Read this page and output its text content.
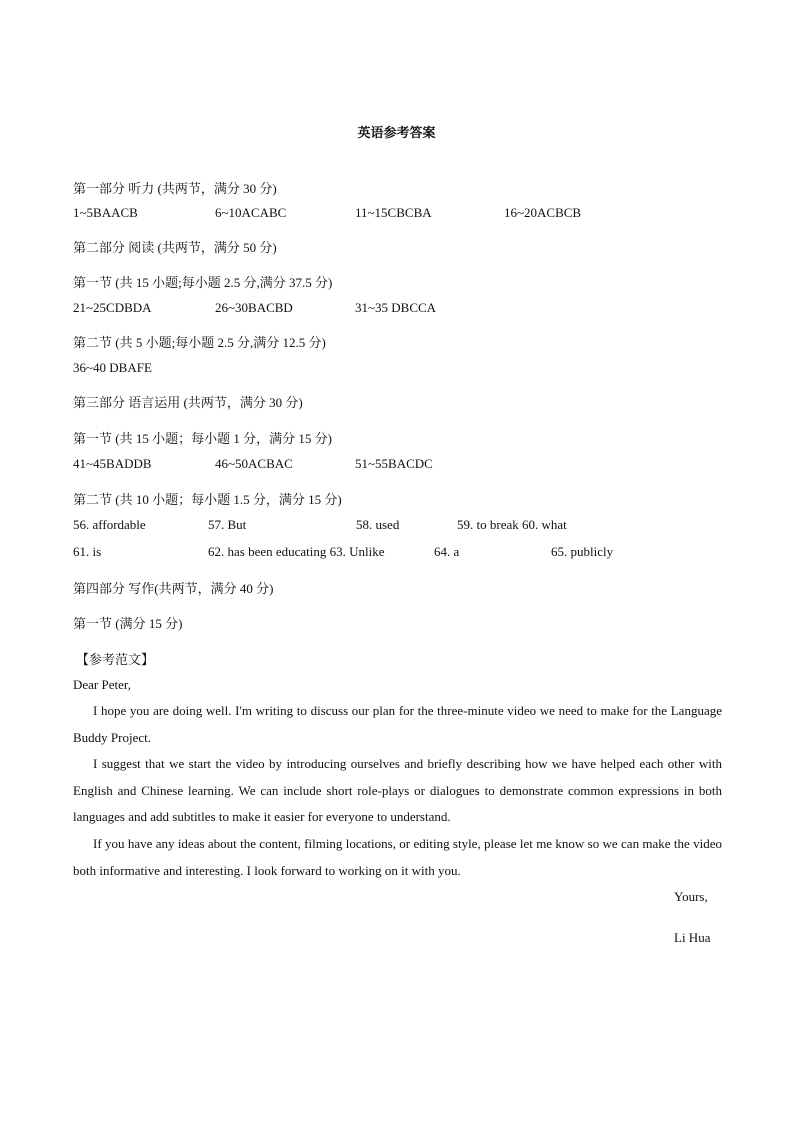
英语参考答案
第一部分 听力 (共两节，满分 30 分)
1~5BAACB	6~10ACABC	11~15CBCBA	16~20ACBCB
第二部分 阅读 (共两节，满分 50 分)
第一节 (共 15 小题;每小题 2.5 分,满分 37.5 分)
21~25CDBDA	26~30BACBD	31~35 DBCCA
第二节 (共 5 小题;每小题 2.5 分,满分 12.5 分)
36~40 DBAFE
第三部分 语言运用 (共两节，满分 30 分)
第一节 (共 15 小题；每小题 1 分，满分 15 分)
41~45BADDB	46~50ACBAC	51~55BACDC
第二节 (共 10 小题；每小题 1.5 分，满分 15 分)
56. affordable	57. But	58. used	59. to break 60. what
61. is	62. has been educating 63. Unlike	64. a	65. publicly
第四部分 写作(共两节，满分 40 分)
第一节 (满分 15 分)
【参考范文】
Dear Peter,
I hope you are doing well. I'm writing to discuss our plan for the three-minute video we need to make for the Language Buddy Project.
I suggest that we start the video by introducing ourselves and briefly describing how we have helped each other with English and Chinese learning. We can include short role-plays or dialogues to demonstrate common expressions in both languages and add subtitles to make it easier for everyone to understand.
If you have any ideas about the content, filming locations, or editing style, please let me know so we can make the video both informative and interesting. I look forward to working on it with you.
Yours,
Li Hua
